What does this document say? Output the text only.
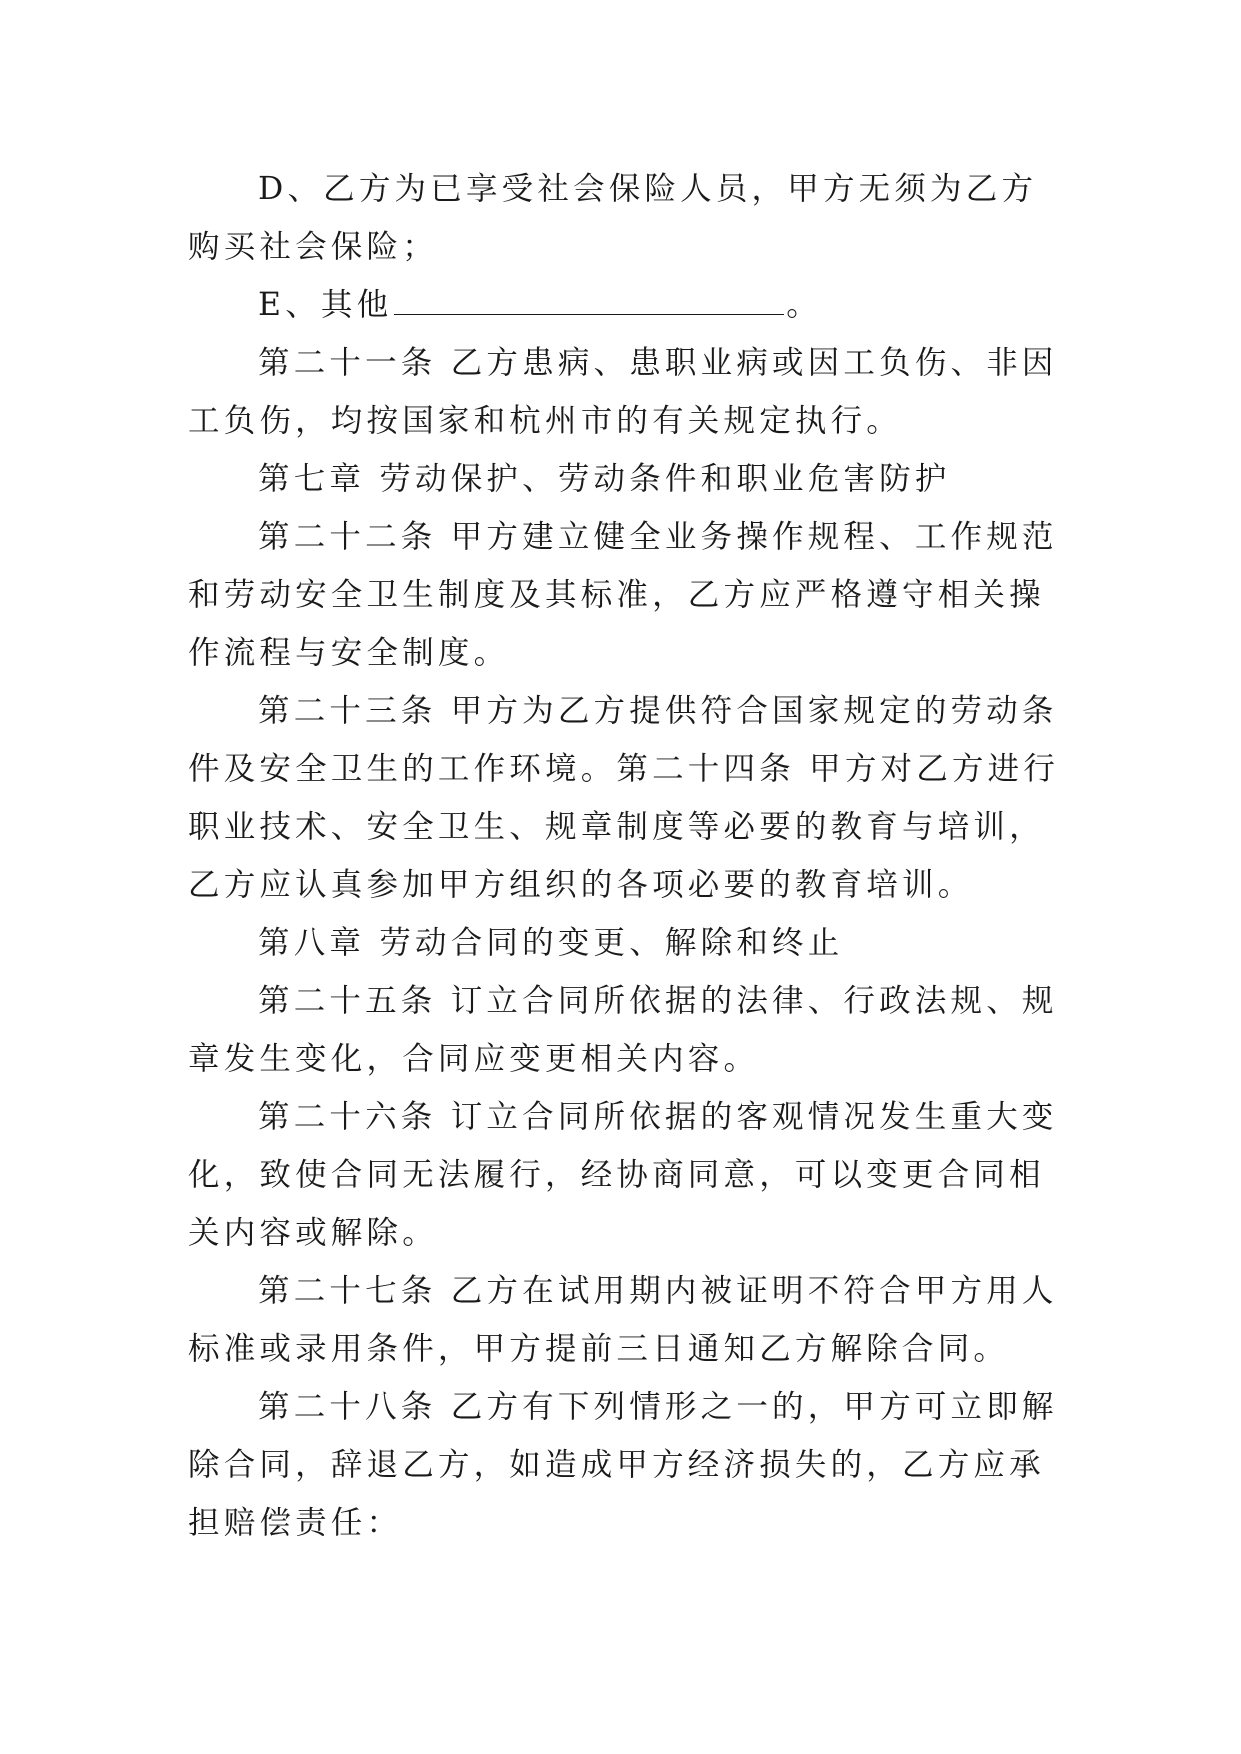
D、乙方为已享受社会保险人员，甲方无须为乙方购买社会保险；

E、其他	。

第二十一条 乙方患病、患职业病或因工负伤、非因工负伤，均按国家和杭州市的有关规定执行。

第七章 劳动保护、劳动条件和职业危害防护

第二十二条 甲方建立健全业务操作规程、工作规范和劳动安全卫生制度及其标准，乙方应严格遵守相关操作流程与安全制度。

第二十三条 甲方为乙方提供符合国家规定的劳动条件及安全卫生的工作环境。第二十四条 甲方对乙方进行职业技术、安全卫生、规章制度等必要的教育与培训，乙方应认真参加甲方组织的各项必要的教育培训。

第八章 劳动合同的变更、解除和终止

第二十五条 订立合同所依据的法律、行政法规、规章发生变化，合同应变更相关内容。

第二十六条 订立合同所依据的客观情况发生重大变化，致使合同无法履行，经协商同意，可以变更合同相关内容或解除。

第二十七条 乙方在试用期内被证明不符合甲方用人标准或录用条件，甲方提前三日通知乙方解除合同。

第二十八条 乙方有下列情形之一的，甲方可立即解除合同，辞退乙方，如造成甲方经济损失的，乙方应承担赔偿责任：
